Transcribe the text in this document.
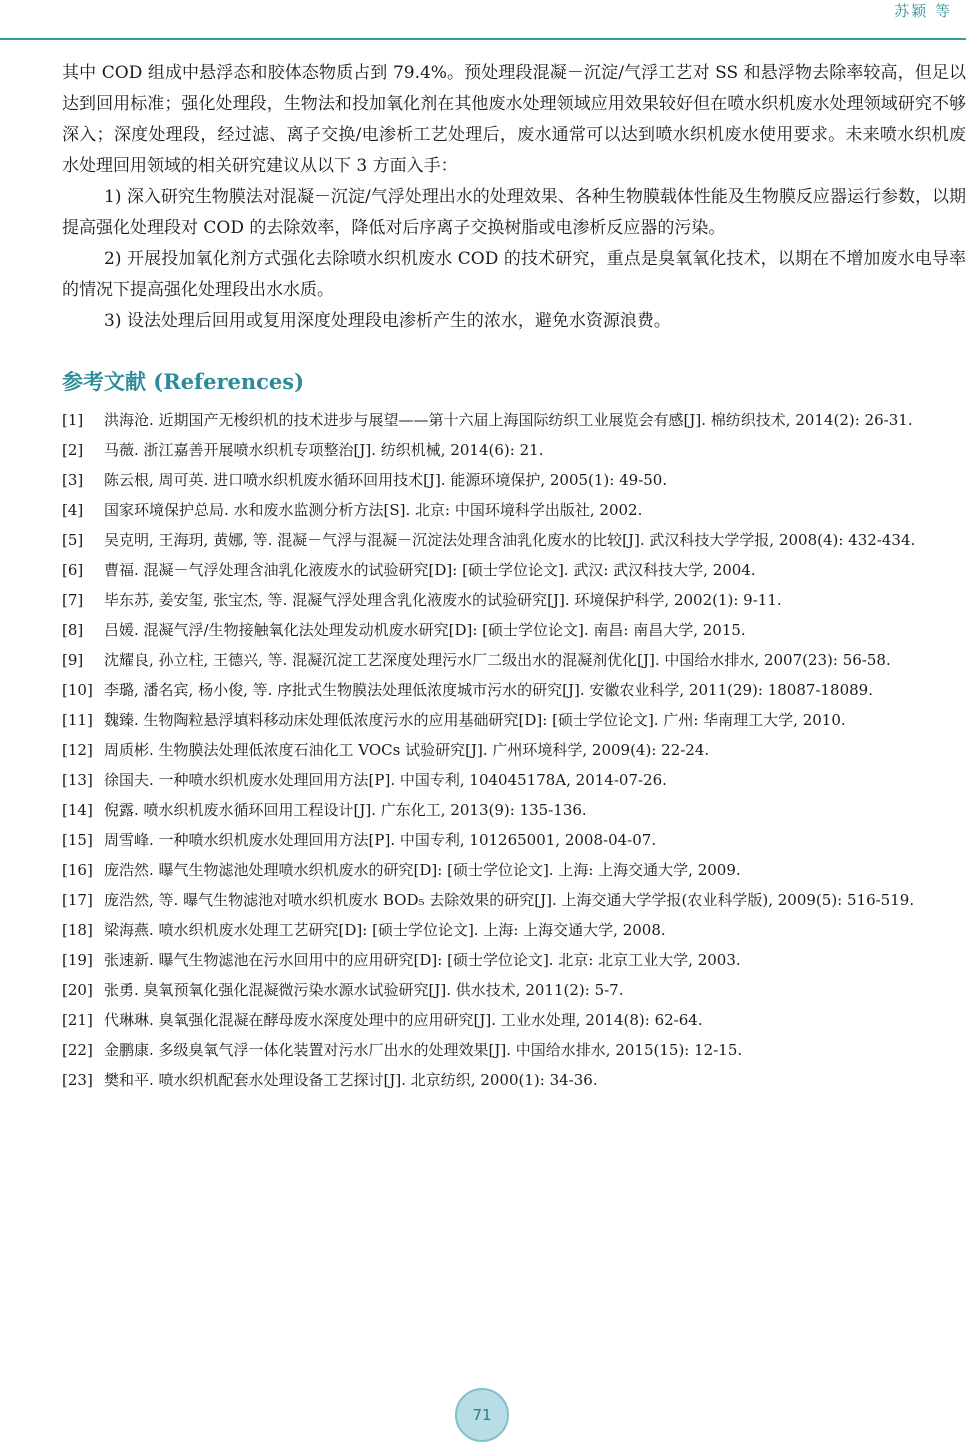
苏颖 等

其中 COD 组成中悬浮态和胶体态物质占到 79.4%。预处理段混凝－沉淀/气浮工艺对 SS 和悬浮物去除率较高，但足以达到回用标准；强化处理段，生物法和投加氧化剂在其他废水处理领域应用效果较好但在喷水织机废水处理领域研究不够深入；深度处理段，经过滤、离子交换/电渗析工艺处理后，废水通常可以达到喷水织机废水使用要求。未来喷水织机废水处理回用领域的相关研究建议从以下 3 方面入手：

1) 深入研究生物膜法对混凝－沉淀/气浮处理出水的处理效果、各种生物膜载体性能及生物膜反应器运行参数，以期提高强化处理段对 COD 的去除效率，降低对后序离子交换树脂或电渗析反应器的污染。

2) 开展投加氧化剂方式强化去除喷水织机废水 COD 的技术研究，重点是臭氧氧化技术，以期在不增加废水电导率的情况下提高强化处理段出水水质。

3) 设法处理后回用或复用深度处理段电渗析产生的浓水，避免水资源浪费。

参考文献 (References)
[1]	洪海沧. 近期国产无梭织机的技术进步与展望——第十六届上海国际纺织工业展览会有感[J]. 棉纺织技术, 2014(2): 26-31.
[2]	马薇. 浙江嘉善开展喷水织机专项整治[J]. 纺织机械, 2014(6): 21.
[3]	陈云根, 周可英. 进口喷水织机废水循环回用技术[J]. 能源环境保护, 2005(1): 49-50.
[4]	国家环境保护总局. 水和废水监测分析方法[S]. 北京: 中国环境科学出版社, 2002.
[5]	吴克明, 王海玥, 黄娜, 等. 混凝－气浮与混凝－沉淀法处理含油乳化废水的比较[J]. 武汉科技大学学报, 2008(4): 432-434.
[6]	曹福. 混凝－气浮处理含油乳化液废水的试验研究[D]: [硕士学位论文]. 武汉: 武汉科技大学, 2004.
[7]	毕东苏, 姜安玺, 张宝杰, 等. 混凝气浮处理含乳化液废水的试验研究[J]. 环境保护科学, 2002(1): 9-11.
[8]	吕媛. 混凝气浮/生物接触氧化法处理发动机废水研究[D]: [硕士学位论文]. 南昌: 南昌大学, 2015.
[9]	沈耀良, 孙立柱, 王德兴, 等. 混凝沉淀工艺深度处理污水厂二级出水的混凝剂优化[J]. 中国给水排水, 2007(23): 56-58.
[10] 李璐, 潘名宾, 杨小俊, 等. 序批式生物膜法处理低浓度城市污水的研究[J]. 安徽农业科学, 2011(29): 18087-18089.
[11] 魏臻. 生物陶粒悬浮填料移动床处理低浓度污水的应用基础研究[D]: [硕士学位论文]. 广州: 华南理工大学, 2010.
[12] 周质彬. 生物膜法处理低浓度石油化工 VOCs 试验研究[J]. 广州环境科学, 2009(4): 22-24.
[13] 徐国夫. 一种喷水织机废水处理回用方法[P]. 中国专利, 104045178A, 2014-07-26.
[14] 倪露. 喷水织机废水循环回用工程设计[J]. 广东化工, 2013(9): 135-136.
[15] 周雪峰. 一种喷水织机废水处理回用方法[P]. 中国专利, 101265001, 2008-04-07.
[16] 庞浩然. 曝气生物滤池处理喷水织机废水的研究[D]: [硕士学位论文]. 上海: 上海交通大学, 2009.
[17] 庞浩然, 等. 曝气生物滤池对喷水织机废水 BOD₅ 去除效果的研究[J]. 上海交通大学学报(农业科学版), 2009(5): 516-519.
[18] 梁海燕. 喷水织机废水处理工艺研究[D]: [硕士学位论文]. 上海: 上海交通大学, 2008.
[19] 张速新. 曝气生物滤池在污水回用中的应用研究[D]: [硕士学位论文]. 北京: 北京工业大学, 2003.
[20] 张勇. 臭氧预氧化强化混凝微污染水源水试验研究[J]. 供水技术, 2011(2): 5-7.
[21] 代琳琳. 臭氧强化混凝在酵母废水深度处理中的应用研究[J]. 工业水处理, 2014(8): 62-64.
[22] 金鹏康. 多级臭氧气浮一体化装置对污水厂出水的处理效果[J]. 中国给水排水, 2015(15): 12-15.
[23] 樊和平. 喷水织机配套水处理设备工艺探讨[J]. 北京纺织, 2000(1): 34-36.
71
